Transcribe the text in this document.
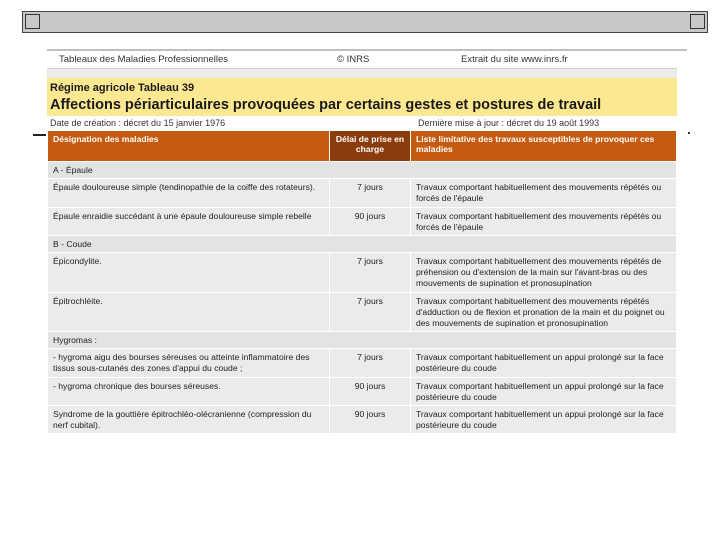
Tableaux des Maladies Professionnelles	© INRS	Extrait du site www.inrs.fr
Régime agricole Tableau 39
Affections périarticulaires provoquées par certains gestes et postures de travail
Date de création : décret du 15 janvier 1976	Dernière mise à jour : décret du 19 août 1993
Désignation des maladies	Délai de prise en charge	Liste limitative des travaux susceptibles de provoquer ces maladies
A - Épaule		
Épaule douloureuse simple (tendinopathie de la coiffe des rotateurs).	7 jours	Travaux comportant habituellement des mouvements répétés ou forcés de l'épaule
Épaule enraidie succédant à une épaule douloureuse simple rebelle	90 jours	Travaux comportant habituellement des mouvements répétés ou forcés de l'épaule
B - Coude		
Épicondylite.	7 jours	Travaux comportant habituellement des mouvements répétés de préhension ou d'extension de la main sur l'avant-bras ou des mouvements de supination et pronosupination
Épitrochléite.	7 jours	Travaux comportant habituellement des mouvements répétés d'adduction ou de flexion et pronation de la main et du poignet ou des mouvements de supination et pronosupination
Hygromas :		
- hygroma aigu des bourses séreuses ou atteinte inflammatoire des tissus sous-cutanés des zones d'appui du coude ;	7 jours	Travaux comportant habituellement un appui prolongé sur la face postérieure du coude
- hygroma chronique des bourses séreuses.	90 jours	Travaux comportant habituellement un appui prolongé sur la face postérieure du coude
Syndrome de la gouttière épitrochléo-olécranienne (compression du nerf cubital).	90 jours	Travaux comportant habituellement un appui prolongé sur la face postérieure du coude
